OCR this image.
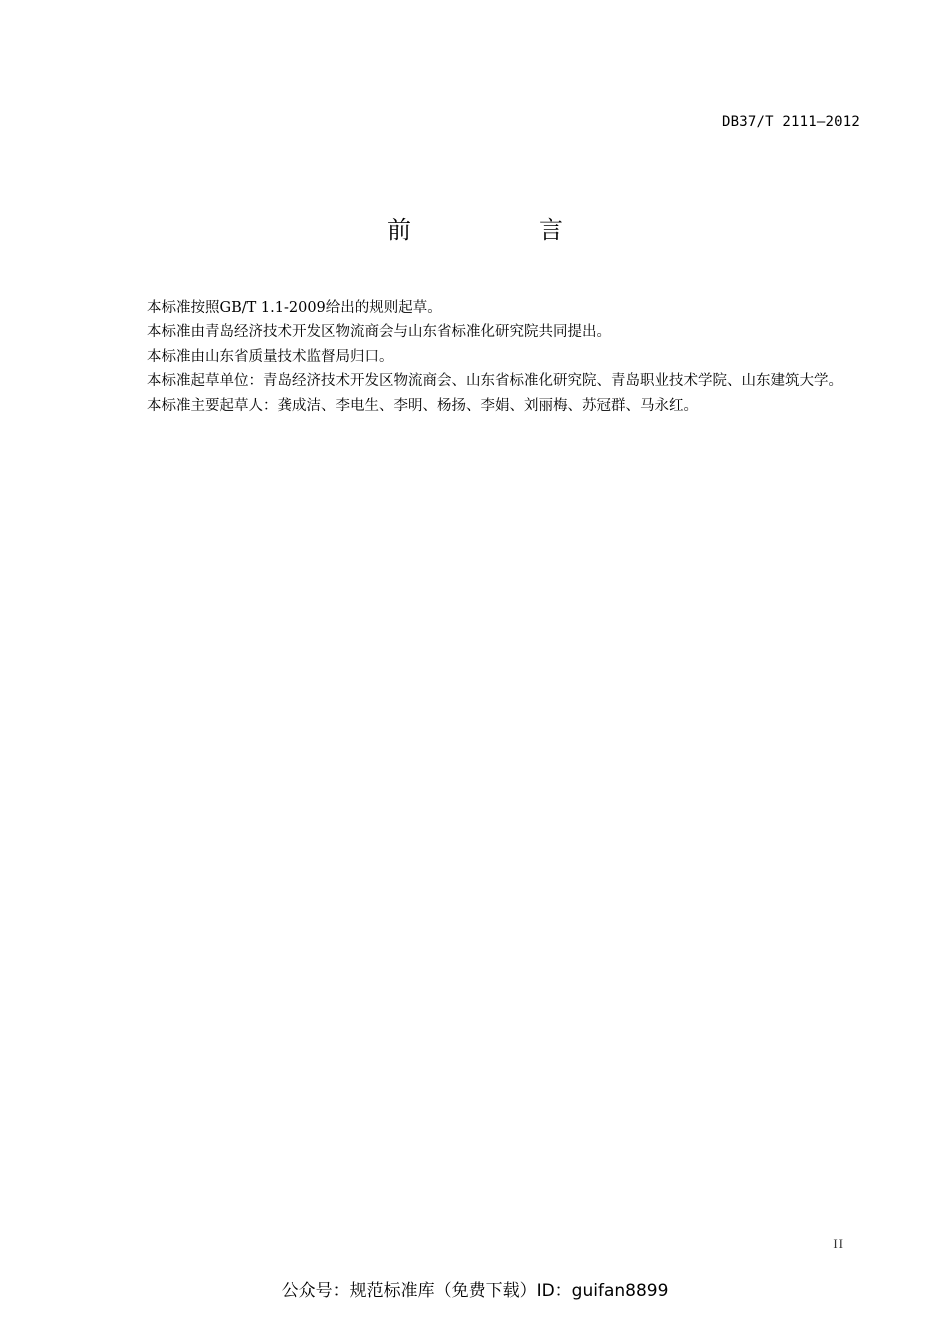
DB37/T 2111—2012
前　言

本标准按照GB/T 1.1-2009给出的规则起草。

本标准由青岛经济技术开发区物流商会与山东省标准化研究院共同提出。

本标准由山东省质量技术监督局归口。

本标准起草单位：青岛经济技术开发区物流商会、山东省标准化研究院、青岛职业技术学院、山东建筑大学。

本标准主要起草人：龚成洁、李电生、李明、杨扬、李娟、刘丽梅、苏冠群、马永红。

II
公众号：规范标准库（免费下载）ID：guifan8899
